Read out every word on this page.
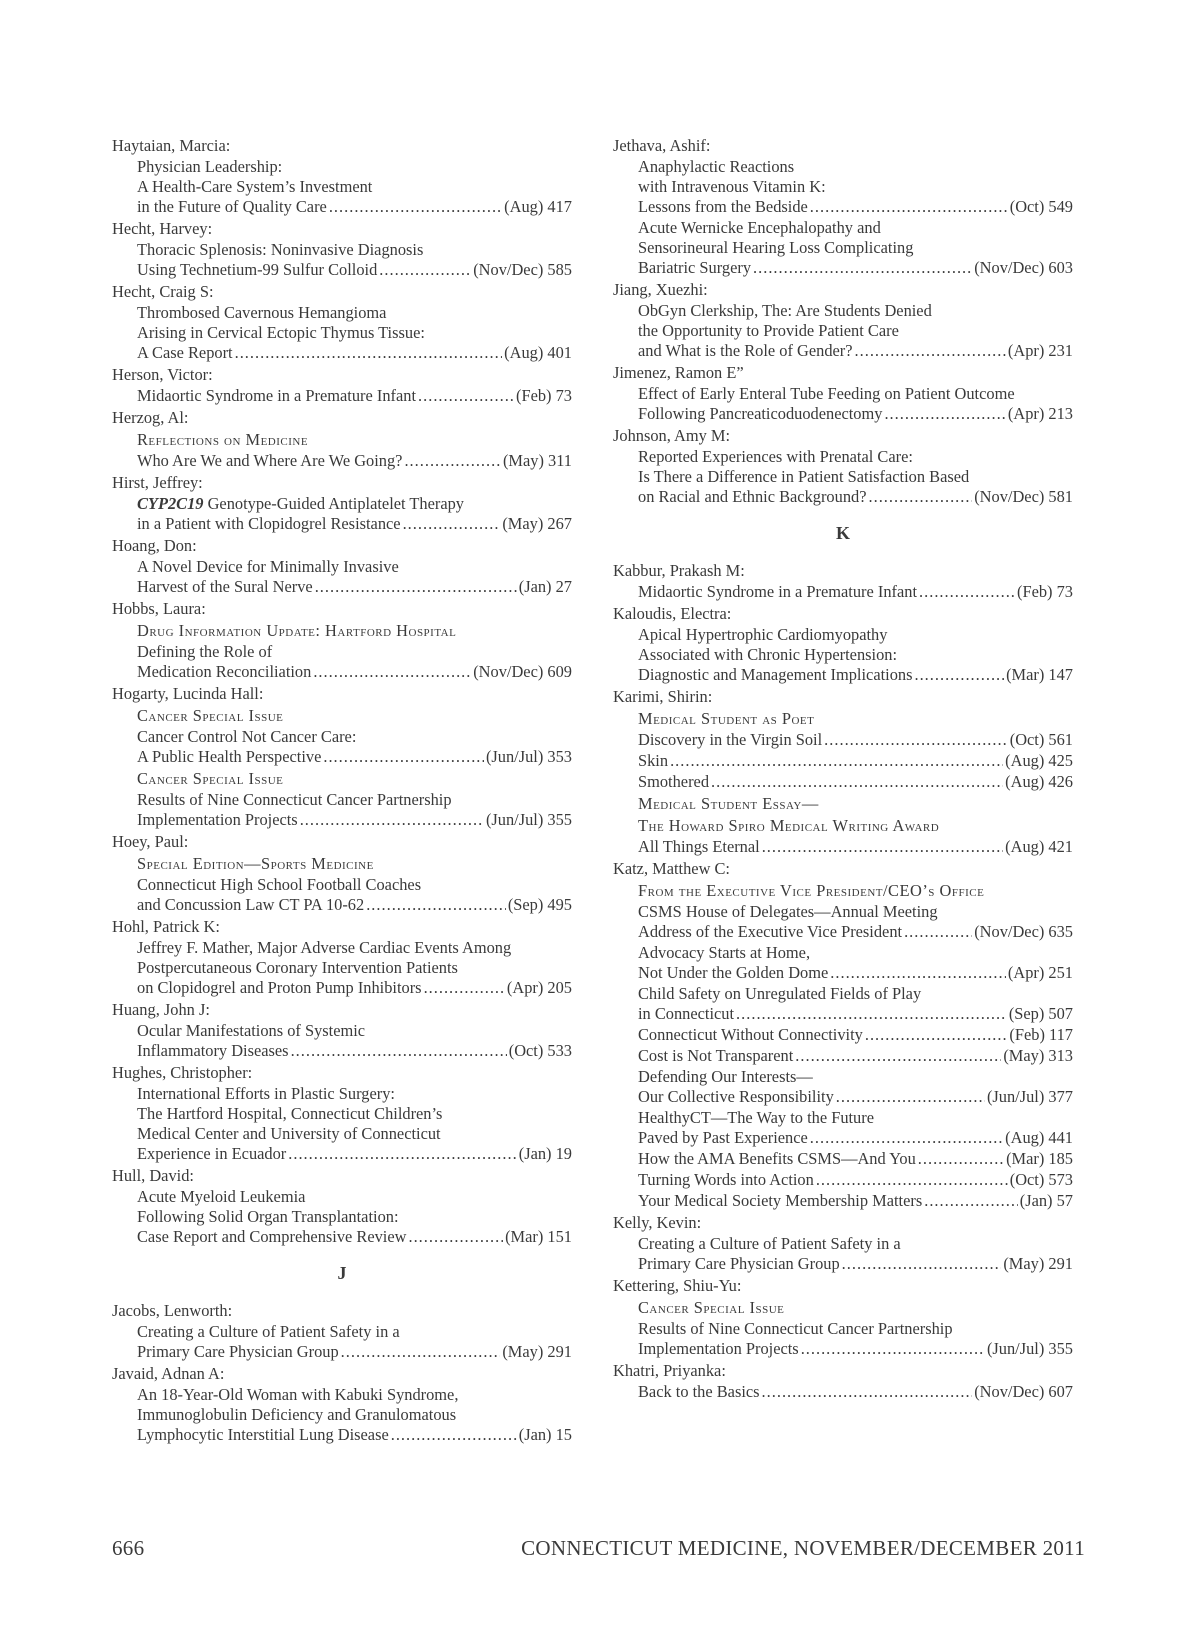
Haytaian, Marcia:
Physician Leadership:
A Health-Care System’s Investment
in the Future of Quality Care .....	(Aug) 417
Hecht, Harvey:
Thoracic Splenosis: Noninvasive Diagnosis
Using Technetium-99 Sulfur Colloid .....	(Nov/Dec) 585
Hecht, Craig S:
Thrombosed Cavernous Hemangioma
Arising in Cervical Ectopic Thymus Tissue:
A Case Report .....	(Aug) 401
Herson, Victor:
Midaortic Syndrome in a Premature Infant .....	(Feb) 73
Herzog, Al:
Reflections on Medicine
Who Are We and Where Are We Going? .....	(May) 311
Hirst, Jeffrey:
CYP2C19 Genotype-Guided Antiplatelet Therapy
in a Patient with Clopidogrel Resistance .....	(May) 267
Hoang, Don:
A Novel Device for Minimally Invasive
Harvest of the Sural Nerve .....	(Jan) 27
Hobbs, Laura:
Drug Information Update: Hartford Hospital
Defining the Role of
Medication Reconciliation .....	(Nov/Dec) 609
Hogarty, Lucinda Hall:
Cancer Special Issue
Cancer Control Not Cancer Care:
A Public Health Perspective .....	(Jun/Jul) 353
Cancer Special Issue
Results of Nine Connecticut Cancer Partnership
Implementation Projects .....	(Jun/Jul) 355
Hoey, Paul:
Special Edition—Sports Medicine
Connecticut High School Football Coaches
and Concussion Law CT PA 10-62 .....	(Sep) 495
Hohl, Patrick K:
Jeffrey F. Mather, Major Adverse Cardiac Events Among
Postpercutaneous Coronary Intervention Patients
on Clopidogrel and Proton Pump Inhibitors .....	(Apr) 205
Huang, John J:
Ocular Manifestations of Systemic
Inflammatory Diseases .....	(Oct) 533
Hughes, Christopher:
International Efforts in Plastic Surgery:
The Hartford Hospital, Connecticut Children’s
Medical Center and University of Connecticut
Experience in Ecuador .....	(Jan) 19
Hull, David:
Acute Myeloid Leukemia
Following Solid Organ Transplantation:
Case Report and Comprehensive Review .....	(Mar) 151
J
Jacobs, Lenworth:
Creating a Culture of Patient Safety in a
Primary Care Physician Group .....	(May) 291
Javaid, Adnan A:
An 18-Year-Old Woman with Kabuki Syndrome,
Immunoglobulin Deficiency and Granulomatous
Lymphocytic Interstitial Lung Disease .....	(Jan) 15
Jethava, Ashif:
Anaphylactic Reactions
with Intravenous Vitamin K:
Lessons from the Bedside .....	(Oct) 549
Acute Wernicke Encephalopathy and
Sensorineural Hearing Loss Complicating
Bariatric Surgery .....	(Nov/Dec) 603
Jiang, Xuezhi:
ObGyn Clerkship, The: Are Students Denied
the Opportunity to Provide Patient Care
and What is the Role of Gender? .....	(Apr) 231
Jimenez, Ramon E”
Effect of Early Enteral Tube Feeding on Patient Outcome
Following Pancreaticoduodenectomy .....	(Apr) 213
Johnson, Amy M:
Reported Experiences with Prenatal Care:
Is There a Difference in Patient Satisfaction Based
on Racial and Ethnic Background? .....	(Nov/Dec) 581
K
Kabbur, Prakash M:
Midaortic Syndrome in a Premature Infant .....	(Feb) 73
Kaloudis, Electra:
Apical Hypertrophic Cardiomyopathy
Associated with Chronic Hypertension:
Diagnostic and Management Implications .....	(Mar) 147
Karimi, Shirin:
Medical Student as Poet
Discovery in the Virgin Soil .....	(Oct) 561
Skin .....	(Aug) 425
Smothered .....	(Aug) 426
Medical Student Essay—
The Howard Spiro Medical Writing Award
All Things Eternal .....	(Aug) 421
Katz, Matthew C:
From the Executive Vice President/CEO’s Office
CSMS House of Delegates—Annual Meeting
Address of the Executive Vice President .....	(Nov/Dec) 635
Advocacy Starts at Home,
Not Under the Golden Dome .....	(Apr) 251
Child Safety on Unregulated Fields of Play
in Connecticut .....	(Sep) 507
Connecticut Without Connectivity .....	(Feb) 117
Cost is Not Transparent .....	(May) 313
Defending Our Interests—
Our Collective Responsibility .....	(Jun/Jul) 377
HealthyCT—The Way to the Future
Paved by Past Experience .....	(Aug) 441
How the AMA Benefits CSMS—And You .....	(Mar) 185
Turning Words into Action .....	(Oct) 573
Your Medical Society Membership Matters .....	(Jan) 57
Kelly, Kevin:
Creating a Culture of Patient Safety in a
Primary Care Physician Group .....	(May) 291
Kettering, Shiu-Yu:
Cancer Special Issue
Results of Nine Connecticut Cancer Partnership
Implementation Projects .....	(Jun/Jul) 355
Khatri, Priyanka:
Back to the Basics .....	(Nov/Dec) 607
666	CONNECTICUT MEDICINE, NOVEMBER/DECEMBER 2011
